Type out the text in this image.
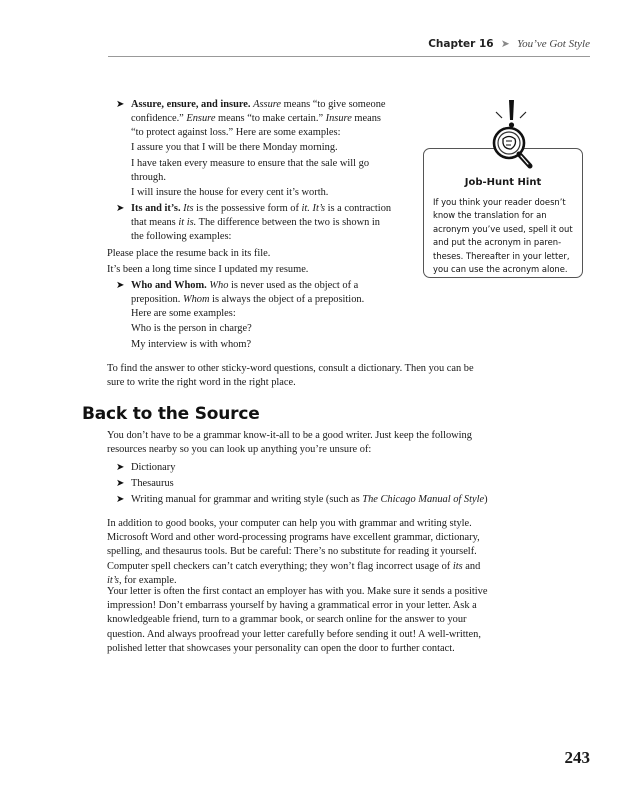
Chapter 16 ➤ You’ve Got Style
➤ Assure, ensure, and insure. Assure means “to give someone
confidence.” Ensure means “to make certain.” Insure means
“to protect against loss.” Here are some examples:
I assure you that I will be there Monday morning.
I have taken every measure to ensure that the sale will go
through.
I will insure the house for every cent it’s worth.
➤ Its and it’s. Its is the possessive form of it. It’s is a contraction
that means it is. The difference between the two is shown in
the following examples:
Please place the resume back in its file.
It’s been a long time since I updated my resume.
➤ Who and Whom. Who is never used as the object of a
preposition. Whom is always the object of a preposition.
Here are some examples:
Who is the person in charge?
My interview is with whom?
To find the answer to other sticky-word questions, consult a dictionary. Then you can be
sure to write the right word in the right place.
Job-Hunt Hint
If you think your reader doesn’t
know the translation for an
acronym you’ve used, spell it out
and put the acronym in paren-
theses. Thereafter in your letter,
you can use the acronym alone.
Back to the Source
You don’t have to be a grammar know-it-all to be a good writer. Just keep the following
resources nearby so you can look up anything you’re unsure of:
➤ Dictionary
➤ Thesaurus
➤ Writing manual for grammar and writing style (such as The Chicago Manual of Style)
In addition to good books, your computer can help you with grammar and writing style.
Microsoft Word and other word-processing programs have excellent grammar, dictionary,
spelling, and thesaurus tools. But be careful: There’s no substitute for reading it yourself.
Computer spell checkers can’t catch everything; they won’t flag incorrect usage of its and
it’s, for example.
Your letter is often the first contact an employer has with you. Make sure it sends a positive
impression! Don’t embarrass yourself by having a grammatical error in your letter. Ask a
knowledgeable friend, turn to a grammar book, or search online for the answer to your
question. And always proofread your letter carefully before sending it out! A well-written,
polished letter that showcases your personality can open the door to further contact.
243
